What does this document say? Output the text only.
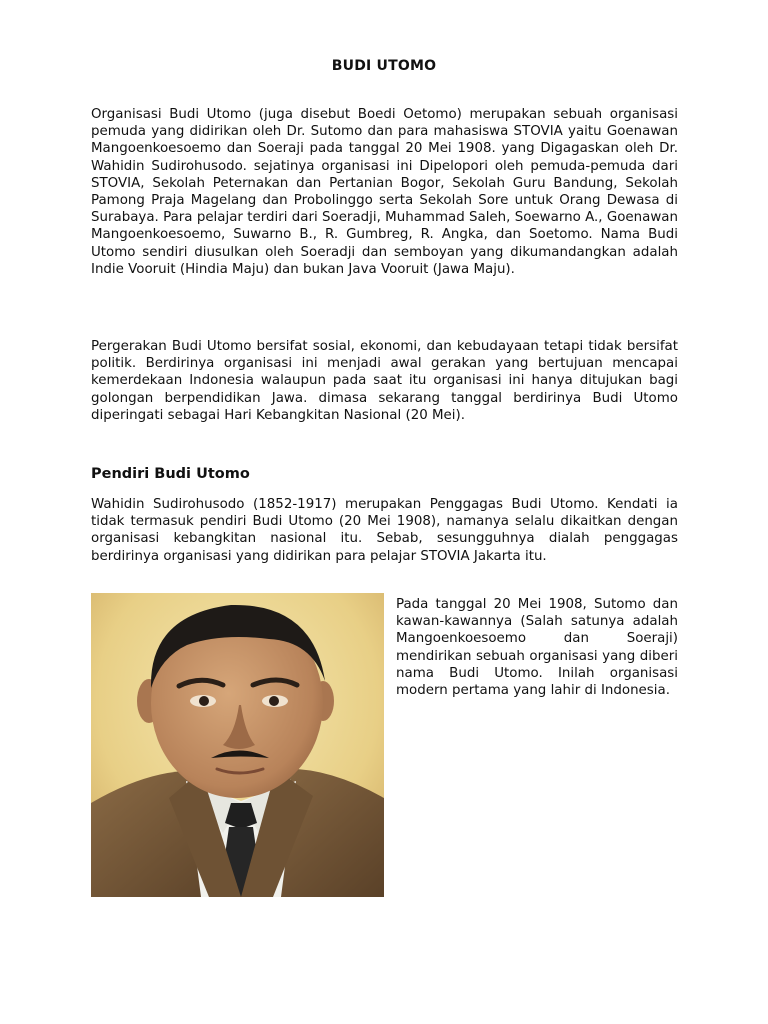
BUDI UTOMO

Organisasi Budi Utomo (juga disebut Boedi Oetomo) merupakan sebuah organisasi pemuda yang didirikan oleh Dr. Sutomo dan para mahasiswa STOVIA yaitu Goenawan Mangoenkoesoemo dan Soeraji pada tanggal 20 Mei 1908. yang Digagaskan oleh Dr. Wahidin Sudirohusodo. sejatinya organisasi ini Dipelopori oleh pemuda-pemuda dari STOVIA, Sekolah Peternakan dan Pertanian Bogor, Sekolah Guru Bandung, Sekolah Pamong Praja Magelang dan Probolinggo serta Sekolah Sore untuk Orang Dewasa di Surabaya. Para pelajar terdiri dari Soeradji, Muhammad Saleh, Soewarno A., Goenawan Mangoenkoesoemo, Suwarno B., R. Gumbreg, R. Angka, dan Soetomo. Nama Budi Utomo sendiri diusulkan oleh Soeradji dan semboyan yang dikumandangkan adalah Indie Vooruit (Hindia Maju) dan bukan Java Vooruit (Jawa Maju).

Pergerakan Budi Utomo bersifat sosial, ekonomi, dan kebudayaan tetapi tidak bersifat politik. Berdirinya organisasi ini menjadi awal gerakan yang bertujuan mencapai kemerdekaan Indonesia walaupun pada saat itu organisasi ini hanya ditujukan bagi golongan berpendidikan Jawa. dimasa sekarang tanggal berdirinya Budi Utomo diperingati sebagai Hari Kebangkitan Nasional (20 Mei).

Pendiri Budi Utomo

Wahidin Sudirohusodo (1852-1917) merupakan Penggagas Budi Utomo. Kendati ia tidak termasuk pendiri Budi Utomo (20 Mei 1908), namanya selalu dikaitkan dengan organisasi kebangkitan nasional itu. Sebab, sesungguhnya dialah penggagas berdirinya organisasi yang didirikan para pelajar STOVIA Jakarta itu.

Pada tanggal 20 Mei 1908, Sutomo dan kawan-kawannya (Salah satunya adalah Mangoenkoesoemo dan Soeraji) mendirikan sebuah organisasi yang diberi nama Budi Utomo. Inilah organisasi modern pertama yang lahir di Indonesia.
